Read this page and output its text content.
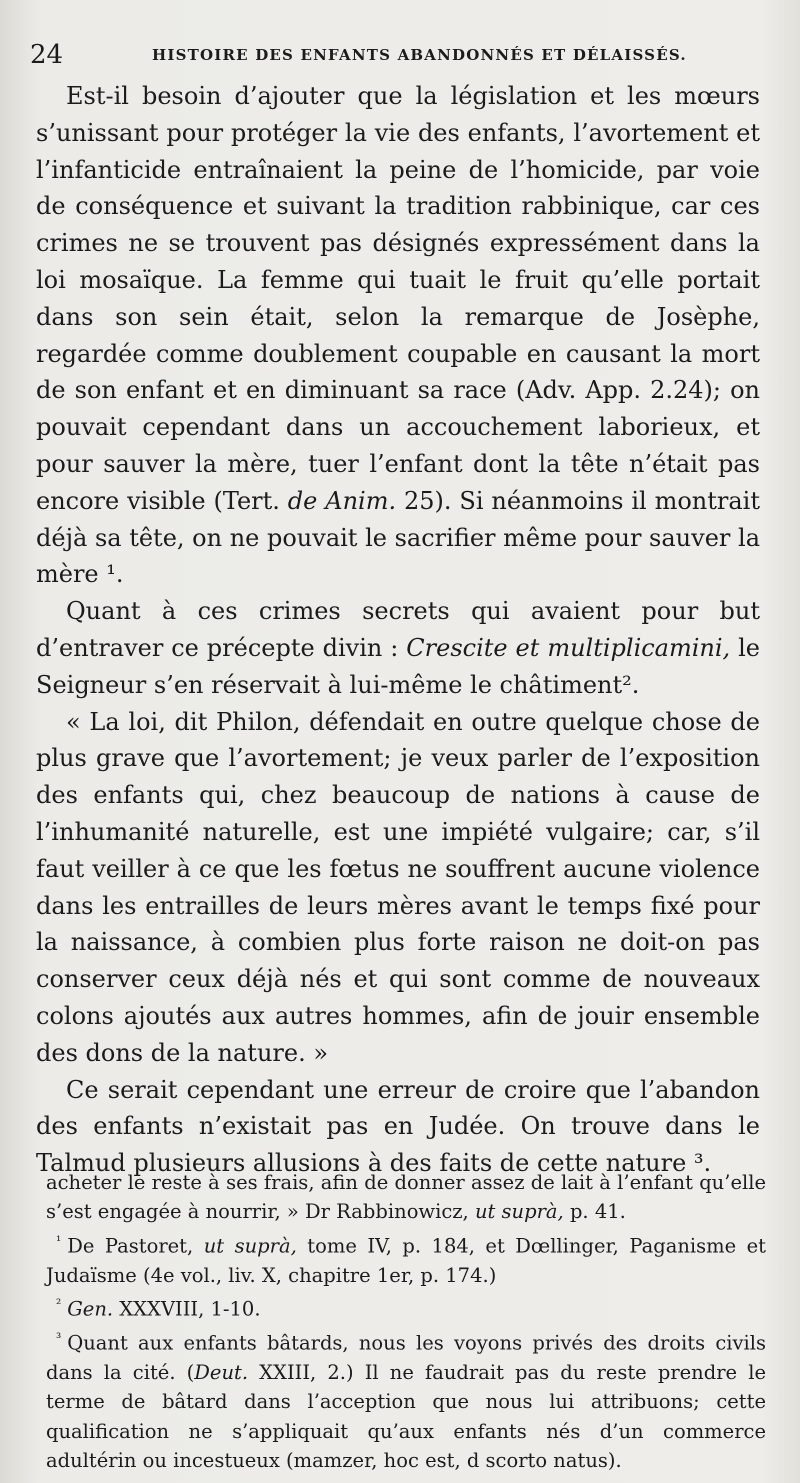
24	HISTOIRE DES ENFANTS ABANDONNÉS ET DÉLAISSÉS.

Est-il besoin d’ajouter que la législation et les mœurs s’unissant pour protéger la vie des enfants, l’avortement et l’infanticide entraînaient la peine de l’homicide, par voie de conséquence et suivant la tradition rabbinique, car ces crimes ne se trouvent pas désignés expressément dans la loi mosaïque. La femme qui tuait le fruit qu’elle portait dans son sein était, selon la remarque de Josèphe, regardée comme doublement coupable en causant la mort de son enfant et en diminuant sa race (Adv. App. 2.24); on pouvait cependant dans un accouchement laborieux, et pour sauver la mère, tuer l’enfant dont la tête n’était pas encore visible (Tert. de Anim. 25). Si néanmoins il montrait déjà sa tête, on ne pouvait le sacrifier même pour sauver la mère ¹.

Quant à ces crimes secrets qui avaient pour but d’entraver ce précepte divin : Crescite et multiplicamini, le Seigneur s’en réservait à lui-même le châtiment².

« La loi, dit Philon, défendait en outre quelque chose de plus grave que l’avortement; je veux parler de l’exposition des enfants qui, chez beaucoup de nations à cause de l’inhumanité naturelle, est une impiété vulgaire; car, s’il faut veiller à ce que les fœtus ne souffrent aucune violence dans les entrailles de leurs mères avant le temps fixé pour la naissance, à combien plus forte raison ne doit-on pas conserver ceux déjà nés et qui sont comme de nouveaux colons ajoutés aux autres hommes, afin de jouir ensemble des dons de la nature. »

Ce serait cependant une erreur de croire que l’abandon des enfants n’existait pas en Judée. On trouve dans le Talmud plusieurs allusions à des faits de cette nature ³.

acheter le reste à ses frais, afin de donner assez de lait à l’enfant qu’elle s’est engagée à nourrir, » Dr Rabbinowicz, ut suprà, p. 41.

$^{^1}$ De Pastoret, ut suprà, tome IV, p. 184, et Dœllinger, Paganisme et Judaïsme (4e vol., liv. X, chapitre 1er, p. 174.)

$^{^2}$ Gen. XXXVIII, 1-10.

$^{^3}$ Quant aux enfants bâtards, nous les voyons privés des droits civils dans la cité. (Deut. XXIII, 2.) Il ne faudrait pas du reste prendre le terme de bâtard dans l’acception que nous lui attribuons; cette qualification ne s’appliquait qu’aux enfants nés d’un commerce adultérin ou incestueux (mamzer, hoc est, d scorto natus).
